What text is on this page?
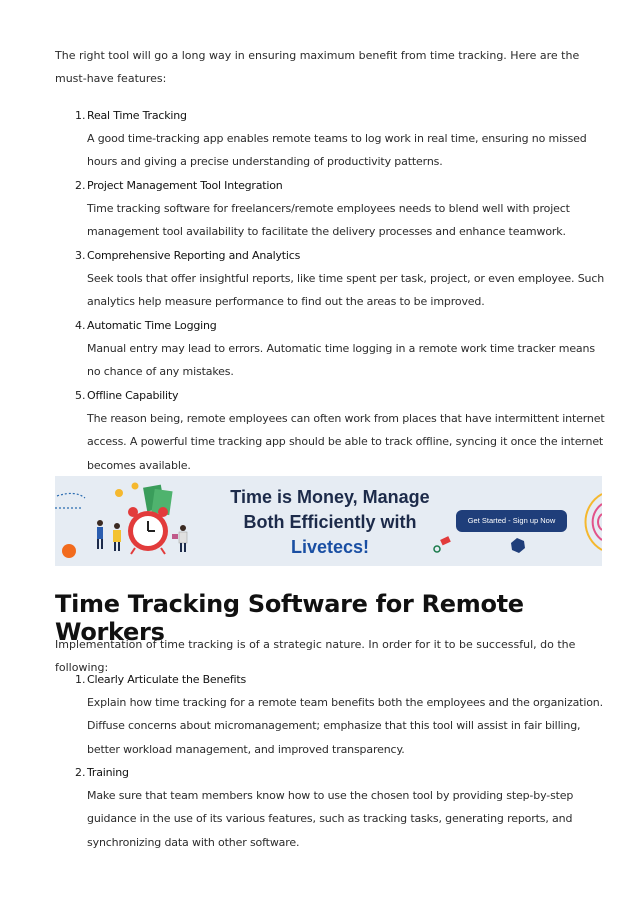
The right tool will go a long way in ensuring maximum benefit from time tracking. Here are the must-have features:

1. Real Time Tracking

A good time-tracking app enables remote teams to log work in real time, ensuring no missed hours and giving a precise understanding of productivity patterns.

2. Project Management Tool Integration

Time tracking software for freelancers/remote employees needs to blend well with project management tool availability to facilitate the delivery processes and enhance teamwork.

3. Comprehensive Reporting and Analytics

Seek tools that offer insightful reports, like time spent per task, project, or even employee. Such analytics help measure performance to find out the areas to be improved.

4. Automatic Time Logging

Manual entry may lead to errors. Automatic time logging in a remote work time tracker means no chance of any mistakes.

5. Offline Capability

The reason being, remote employees can often work from places that have intermittent internet access. A powerful time tracking app should be able to track offline, syncing it once the internet becomes available.

Time is Money, Manage
Both Efficiently with
Livetecs!
Get Started - Sign up Now
Time Tracking Software for Remote Workers

Implementation of time tracking is of a strategic nature. In order for it to be successful, do the following:

1. Clearly Articulate the Benefits

Explain how time tracking for a remote team benefits both the employees and the organization. Diffuse concerns about micromanagement; emphasize that this tool will assist in fair billing, better workload management, and improved transparency.

2. Training

Make sure that team members know how to use the chosen tool by providing step-by-step guidance in the use of its various features, such as tracking tasks, generating reports, and synchronizing data with other software.
